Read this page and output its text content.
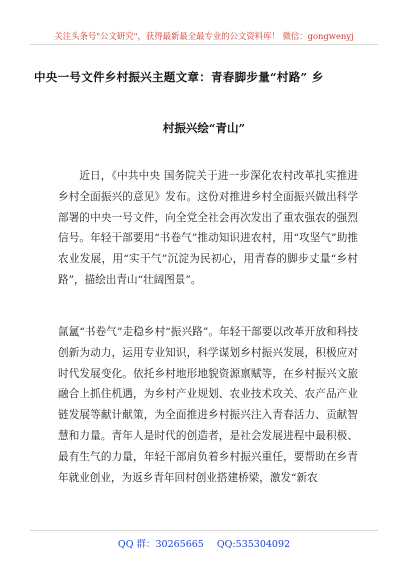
关注头条号"公文研究"，获得最新最全最专业的公文资料库！ 微信：gongwenyj
中央一号文件乡村振兴主题文章：青春脚步量“村路” 乡
村振兴绘“青山”
近日，《中共中央 国务院关于进一步深化农村改革扎实推进乡村全面振兴的意见》发布。这份对推进乡村全面振兴做出科学部署的中央一号文件，向全党全社会再次发出了重农强农的强烈信号。年轻干部要用“书卷气”推动知识进农村，用“攻坚气”助推农业发展，用“实干气”沉淀为民初心，用青春的脚步丈量“乡村路”，描绘出青山“壮阔图景”。
氤氲“书卷气”走稳乡村“振兴路”。年轻干部要以改革开放和科技创新为动力，运用专业知识，科学谋划乡村振兴发展，积极应对时代发展变化。依托乡村地形地貌资源禀赋等，在乡村振兴文旅融合上抓住机遇，为乡村产业规划、农业技术攻关、农产品产业链发展等献计献策，为全面推进乡村振兴注入青春活力、贡献智慧和力量。青年人是时代的创造者，是社会发展进程中最积极、最有生气的力量，年轻干部肩负着乡村振兴重任，要帮助在乡青年就业创业，为返乡青年回村创业搭建桥梁，激发“新农
QQ 群：30265665 QQ:535304092
